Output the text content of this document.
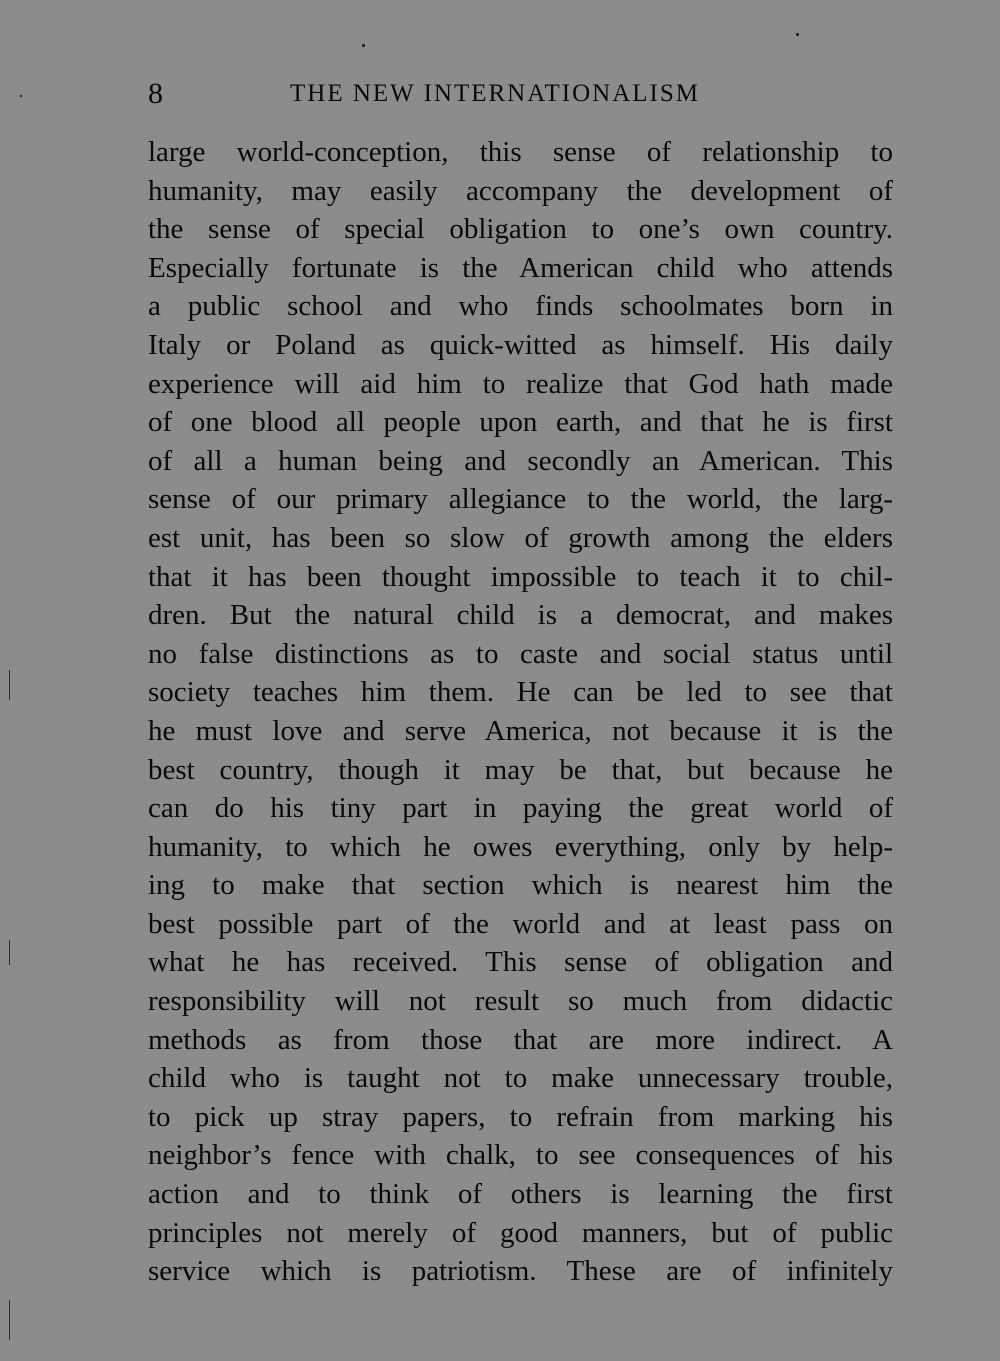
8	THE NEW INTERNATIONALISM
large world-conception, this sense of relationship to
humanity, may easily accompany the development of
the sense of special obligation to one’s own country.
Especially fortunate is the American child who attends
a public school and who finds schoolmates born in
Italy or Poland as quick-witted as himself. His daily
experience will aid him to realize that God hath made
of one blood all people upon earth, and that he is first
of all a human being and secondly an American. This
sense of our primary allegiance to the world, the larg-
est unit, has been so slow of growth among the elders
that it has been thought impossible to teach it to chil-
dren. But the natural child is a democrat, and makes
no false distinctions as to caste and social status until
society teaches him them. He can be led to see that
he must love and serve America, not because it is the
best country, though it may be that, but because he
can do his tiny part in paying the great world of
humanity, to which he owes everything, only by help-
ing to make that section which is nearest him the
best possible part of the world and at least pass on
what he has received. This sense of obligation and
responsibility will not result so much from didactic
methods as from those that are more indirect. A
child who is taught not to make unnecessary trouble,
to pick up stray papers, to refrain from marking his
neighbor’s fence with chalk, to see consequences of his
action and to think of others is learning the first
principles not merely of good manners, but of public
service which is patriotism. These are of infinitely
